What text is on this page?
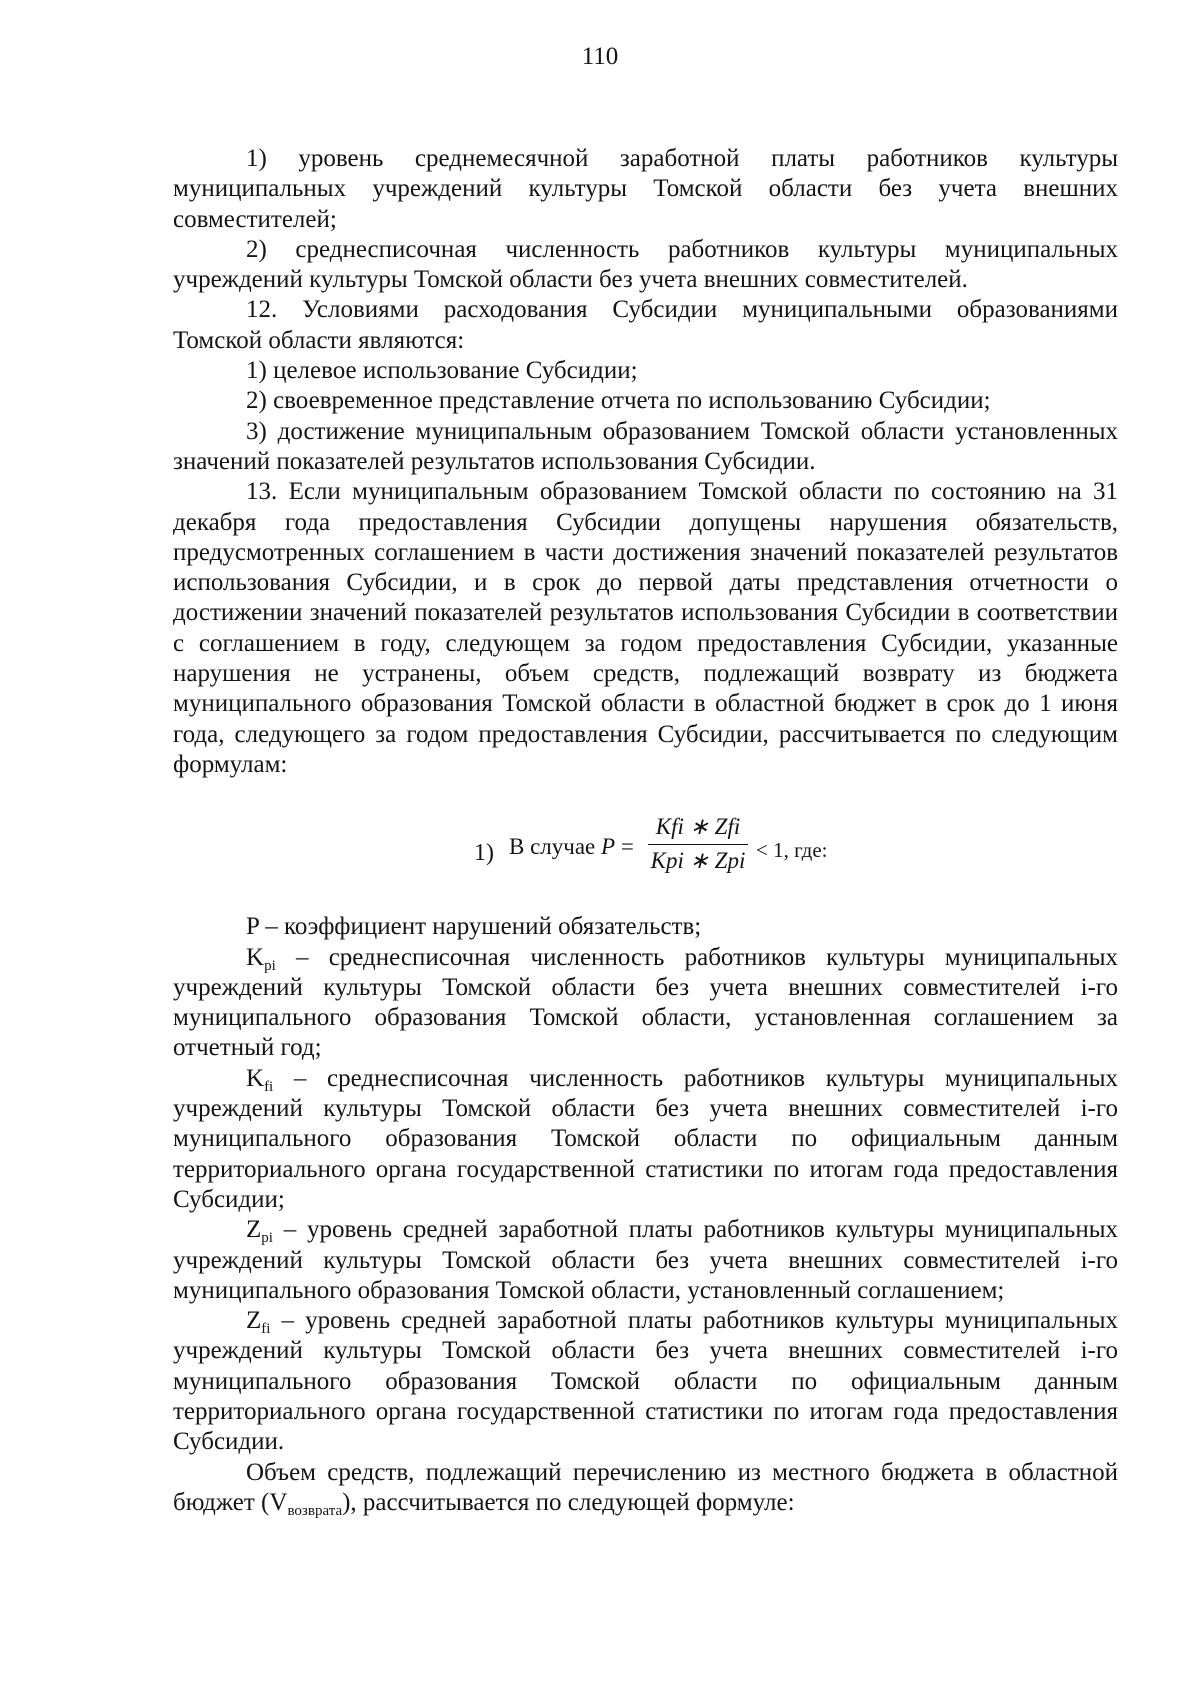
110

1) уровень среднемесячной заработной платы работников культуры муниципальных учреждений культуры Томской области без учета внешних совместителей;

2) среднесписочная численность работников культуры муниципальных учреждений культуры Томской области без учета внешних совместителей.

12. Условиями расходования Субсидии муниципальными образованиями Томской области являются:

1) целевое использование Субсидии;

2) своевременное представление отчета по использованию Субсидии;

3) достижение муниципальным образованием Томской области установленных значений показателей результатов использования Субсидии.

13. Если муниципальным образованием Томской области по состоянию на 31 декабря года предоставления Субсидии допущены нарушения обязательств, предусмотренных соглашением в части достижения значений показателей результатов использования Субсидии, и в срок до первой даты представления отчетности о достижении значений показателей результатов использования Субсидии в соответствии с соглашением в году, следующем за годом предоставления Субсидии, указанные нарушения не устранены, объем средств, подлежащий возврату из бюджета муниципального образования Томской области в областной бюджет в срок до 1 июня года, следующего за годом предоставления Субсидии, рассчитывается по следующим формулам:

1) В случае P =
Kfi ∗ Zfi
Kpi ∗ Zpi < 1, где:

P – коэффициент нарушений обязательств;

$K_{pi}$ – среднесписочная численность работников культуры муниципальных учреждений культуры Томской области без учета внешних совместителей i-го муниципального образования Томской области, установленная соглашением за отчетный год;

$K_{fi}$ – среднесписочная численность работников культуры муниципальных учреждений культуры Томской области без учета внешних совместителей i-го муниципального образования Томской области по официальным данным территориального органа государственной статистики по итогам года предоставления Субсидии;

$Z_{pi}$ – уровень средней заработной платы работников культуры муниципальных учреждений культуры Томской области без учета внешних совместителей i-го муниципального образования Томской области, установленный соглашением;

$Z_{fi}$ – уровень средней заработной платы работников культуры муниципальных учреждений культуры Томской области без учета внешних совместителей i-го муниципального образования Томской области по официальным данным территориального органа государственной статистики по итогам года предоставления Субсидии.

Объем средств, подлежащий перечислению из местного бюджета в областной бюджет $(V_{возврата})$, рассчитывается по следующей формуле:
